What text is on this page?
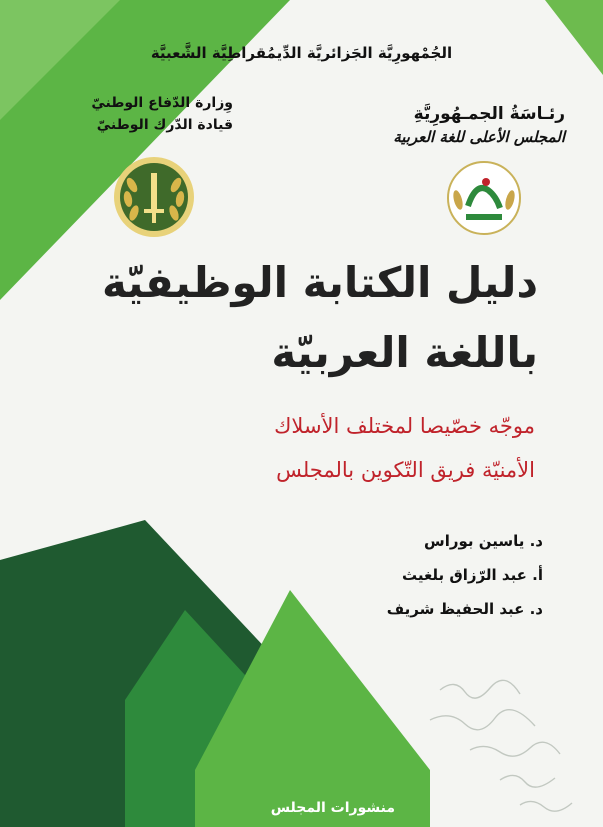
الجُمْهورِيَّة الجَزائريَّة الدِّيمُقراطِيَّة الشَّعبيَّة
رئـاسَةُ الجمـهُورِيَّةِ
المجلس الأعلى للغة العربية
وِزارة الدّفاع الوطنيّ
قيادة الدّرك الوطنيّ
دليل الكتابة الوظيفيّة
باللغة العربيّة
موجّه خصّيصا لمختلف الأسلاك
الأمنيّة فريق التّكوين بالمجلس
د. ياسين بوراس
أ. عبد الرّزاق بلغيث
د. عبد الحفيظ شريف
منشورات المجلس
